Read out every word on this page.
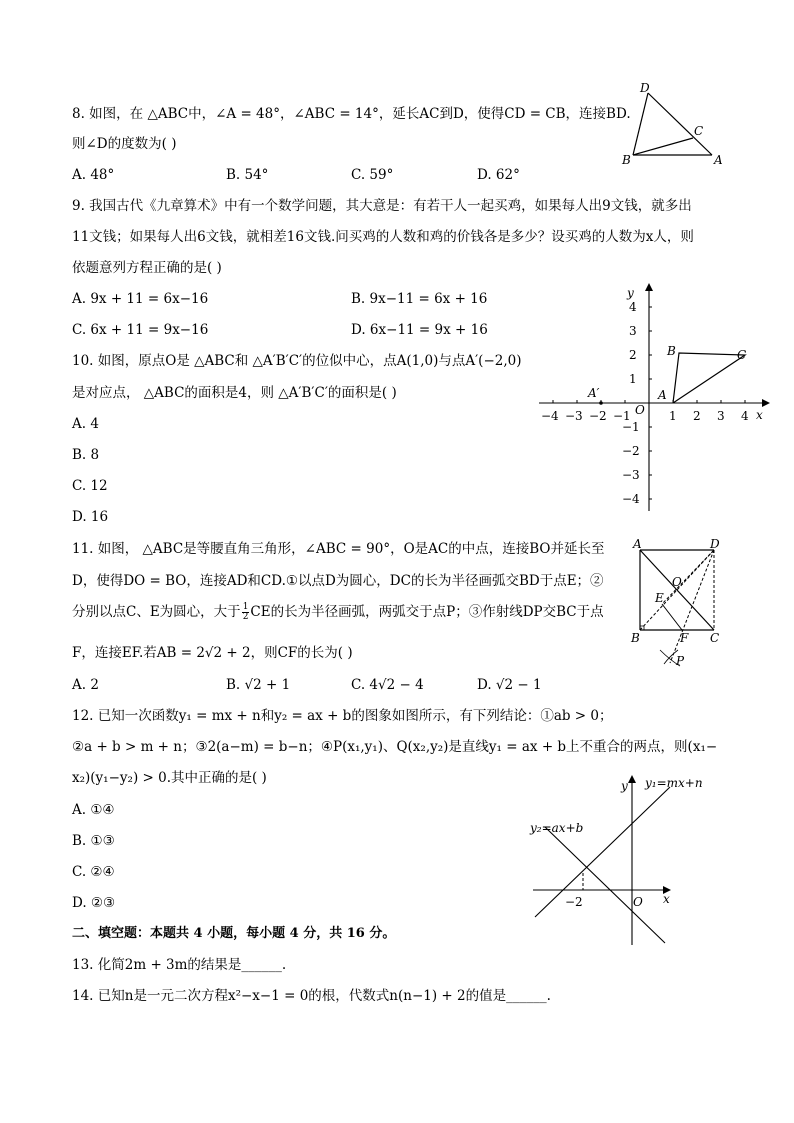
8. 如图，在 △ABC中，∠A = 48°，∠ABC = 14°，延长AC到D，使得CD = CB，连接BD.
则∠D的度数为( )
A. 48°	B. 54°	C. 59°	D. 62°
D
C
B	A
9. 我国古代《九章算术》中有一个数学问题，其大意是：有若干人一起买鸡，如果每人出9文钱，就多出
11文钱；如果每人出6文钱，就相差16文钱.问买鸡的人数和鸡的价钱各是多少？设买鸡的人数为x人，则
依题意列方程正确的是( )
A. 9x + 11 = 6x−16	B. 9x−11 = 6x + 16
C. 6x + 11 = 9x−16	D. 6x−11 = 9x + 16
10. 如图，原点O是 △ABC和 △A′B′C′的位似中心，点A(1,0)与点A′(−2,0)
是对应点， △ABC的面积是4，则 △A′B′C′的面积是( )
A. 4
B. 8
C. 12
D. 16
x
y
O
−4 −3 −2 −1	1 2 3 4
4
3
2
1
−1
−2
−3
−4
A′	A
B	C
11. 如图， △ABC是等腰直角三角形，∠ABC = 90°，O是AC的中点，连接BO并延长至
D，使得DO = BO，连接AD和CD.①以点D为圆心，DC的长为半径画弧交BD于点E；②
分别以点C、E为圆心，大于 $\frac{1}{2}$ CE的长为半径画弧，两弧交于点P；③作射线DP交BC于点
F，连接EF.若AB = 2√2 + 2，则CF的长为( )
A. 2	B. √2 + 1	C. 4√2 − 4	D. √2 − 1
A	D
O
E
B	F C
P
12. 已知一次函数y₁ = mx + n和y₂ = ax + b的图象如图所示，有下列结论：①ab > 0；
②a + b > m + n；③2(a−m) = b−n；④P(x₁,y₁)、Q(x₂,y₂)是直线y₁ = ax + b上不重合的两点，则(x₁−
x₂)(y₁−y₂) > 0.其中正确的是( )
A. ①④
B. ①③
C. ②④
D. ②③
y
x
O
−2
y₁=mx+n
y₂=ax+b
二、填空题：本题共 4 小题，每小题 4 分，共 16 分。
13. 化简2m + 3m的结果是______.
14. 已知n是一元二次方程x²−x−1 = 0的根，代数式n(n−1) + 2的值是______.
